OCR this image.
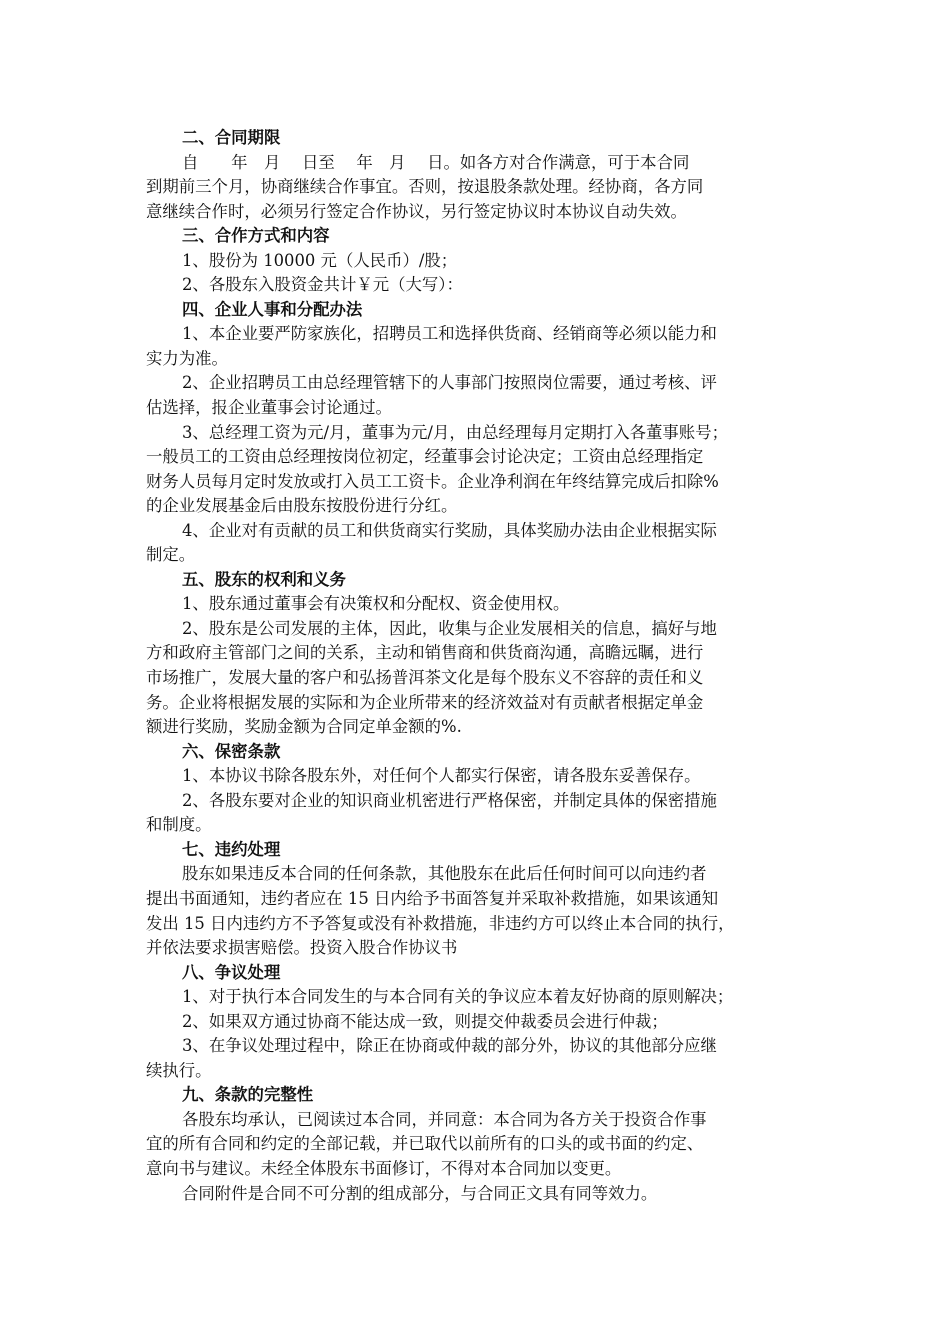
二、合同期限
自　　年　月　 日至　 年　月　 日。如各方对合作满意，可于本合同
到期前三个月，协商继续合作事宜。否则，按退股条款处理。经协商，各方同
意继续合作时，必须另行签定合作协议，另行签定协议时本协议自动失效。
三、合作方式和内容
1、股份为 10000 元（人民币）/股；
2、各股东入股资金共计￥元（大写）：
四、企业人事和分配办法
1、本企业要严防家族化，招聘员工和选择供货商、经销商等必须以能力和
实力为准。
2、企业招聘员工由总经理管辖下的人事部门按照岗位需要，通过考核、评
估选择，报企业董事会讨论通过。
3、总经理工资为元/月，董事为元/月，由总经理每月定期打入各董事账号；
一般员工的工资由总经理按岗位初定，经董事会讨论决定；工资由总经理指定
财务人员每月定时发放或打入员工工资卡。企业净利润在年终结算完成后扣除%
的企业发展基金后由股东按股份进行分红。
4、企业对有贡献的员工和供货商实行奖励，具体奖励办法由企业根据实际
制定。
五、股东的权利和义务
1、股东通过董事会有决策权和分配权、资金使用权。
2、股东是公司发展的主体，因此，收集与企业发展相关的信息，搞好与地
方和政府主管部门之间的关系，主动和销售商和供货商沟通，高瞻远瞩，进行
市场推广，发展大量的客户和弘扬普洱茶文化是每个股东义不容辞的责任和义
务。企业将根据发展的实际和为企业所带来的经济效益对有贡献者根据定单金
额进行奖励，奖励金额为合同定单金额的%.
六、保密条款
1、本协议书除各股东外，对任何个人都实行保密，请各股东妥善保存。
2、各股东要对企业的知识商业机密进行严格保密，并制定具体的保密措施
和制度。
七、违约处理
股东如果违反本合同的任何条款，其他股东在此后任何时间可以向违约者
提出书面通知，违约者应在 15 日内给予书面答复并采取补救措施，如果该通知
发出 15 日内违约方不予答复或没有补救措施，非违约方可以终止本合同的执行，
并依法要求损害赔偿。投资入股合作协议书
八、争议处理
1、对于执行本合同发生的与本合同有关的争议应本着友好协商的原则解决；
2、如果双方通过协商不能达成一致，则提交仲裁委员会进行仲裁；
3、在争议处理过程中，除正在协商或仲裁的部分外，协议的其他部分应继
续执行。
九、条款的完整性
各股东均承认，已阅读过本合同，并同意：本合同为各方关于投资合作事
宜的所有合同和约定的全部记载，并已取代以前所有的口头的或书面的约定、
意向书与建议。未经全体股东书面修订，不得对本合同加以变更。
合同附件是合同不可分割的组成部分，与合同正文具有同等效力。
